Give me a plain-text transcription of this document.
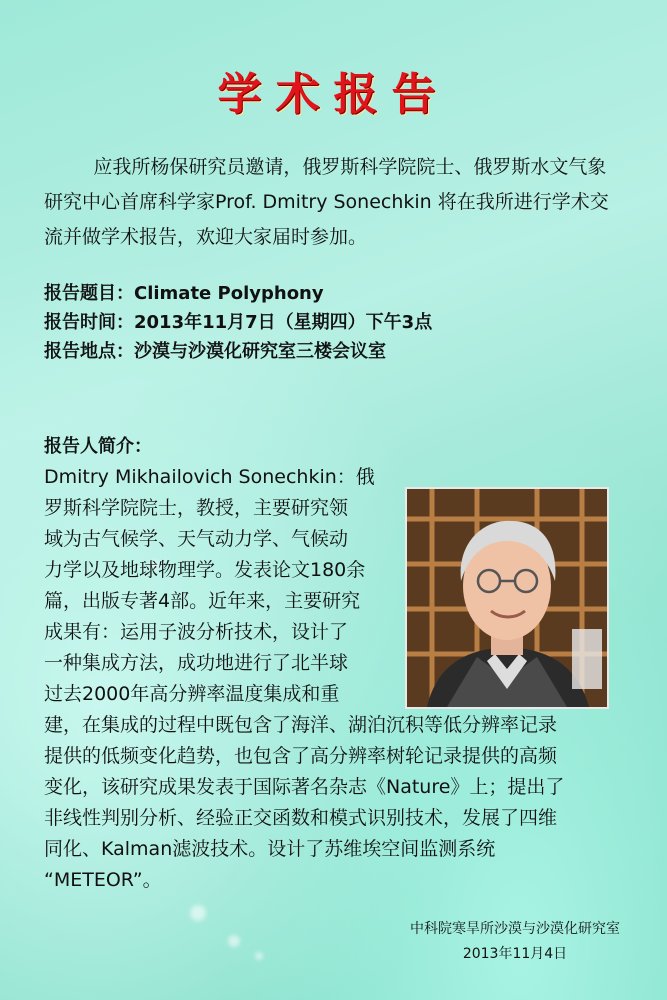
学术报告
应我所杨保研究员邀请，俄罗斯科学院院士、俄罗斯水文气象研究中心首席科学家Prof. Dmitry Sonechkin 将在我所进行学术交流并做学术报告，欢迎大家届时参加。
报告题目：Climate Polyphony
报告时间：2013年11月7日（星期四）下午3点
报告地点：沙漠与沙漠化研究室三楼会议室
报告人简介：
Dmitry Mikhailovich Sonechkin：俄
罗斯科学院院士，教授，主要研究领
域为古气候学、天气动力学、气候动
力学以及地球物理学。发表论文180余
篇，出版专著4部。近年来，主要研究
成果有：运用子波分析技术，设计了
一种集成方法，成功地进行了北半球
过去2000年高分辨率温度集成和重
建，在集成的过程中既包含了海洋、湖泊沉积等低分辨率记录
提供的低频变化趋势，也包含了高分辨率树轮记录提供的高频
变化，该研究成果发表于国际著名杂志《Nature》上；提出了
非线性判别分析、经验正交函数和模式识别技术，发展了四维
同化、Kalman滤波技术。设计了苏维埃空间监测系统
“METEOR”。
中科院寒旱所沙漠与沙漠化研究室
2013年11月4日
